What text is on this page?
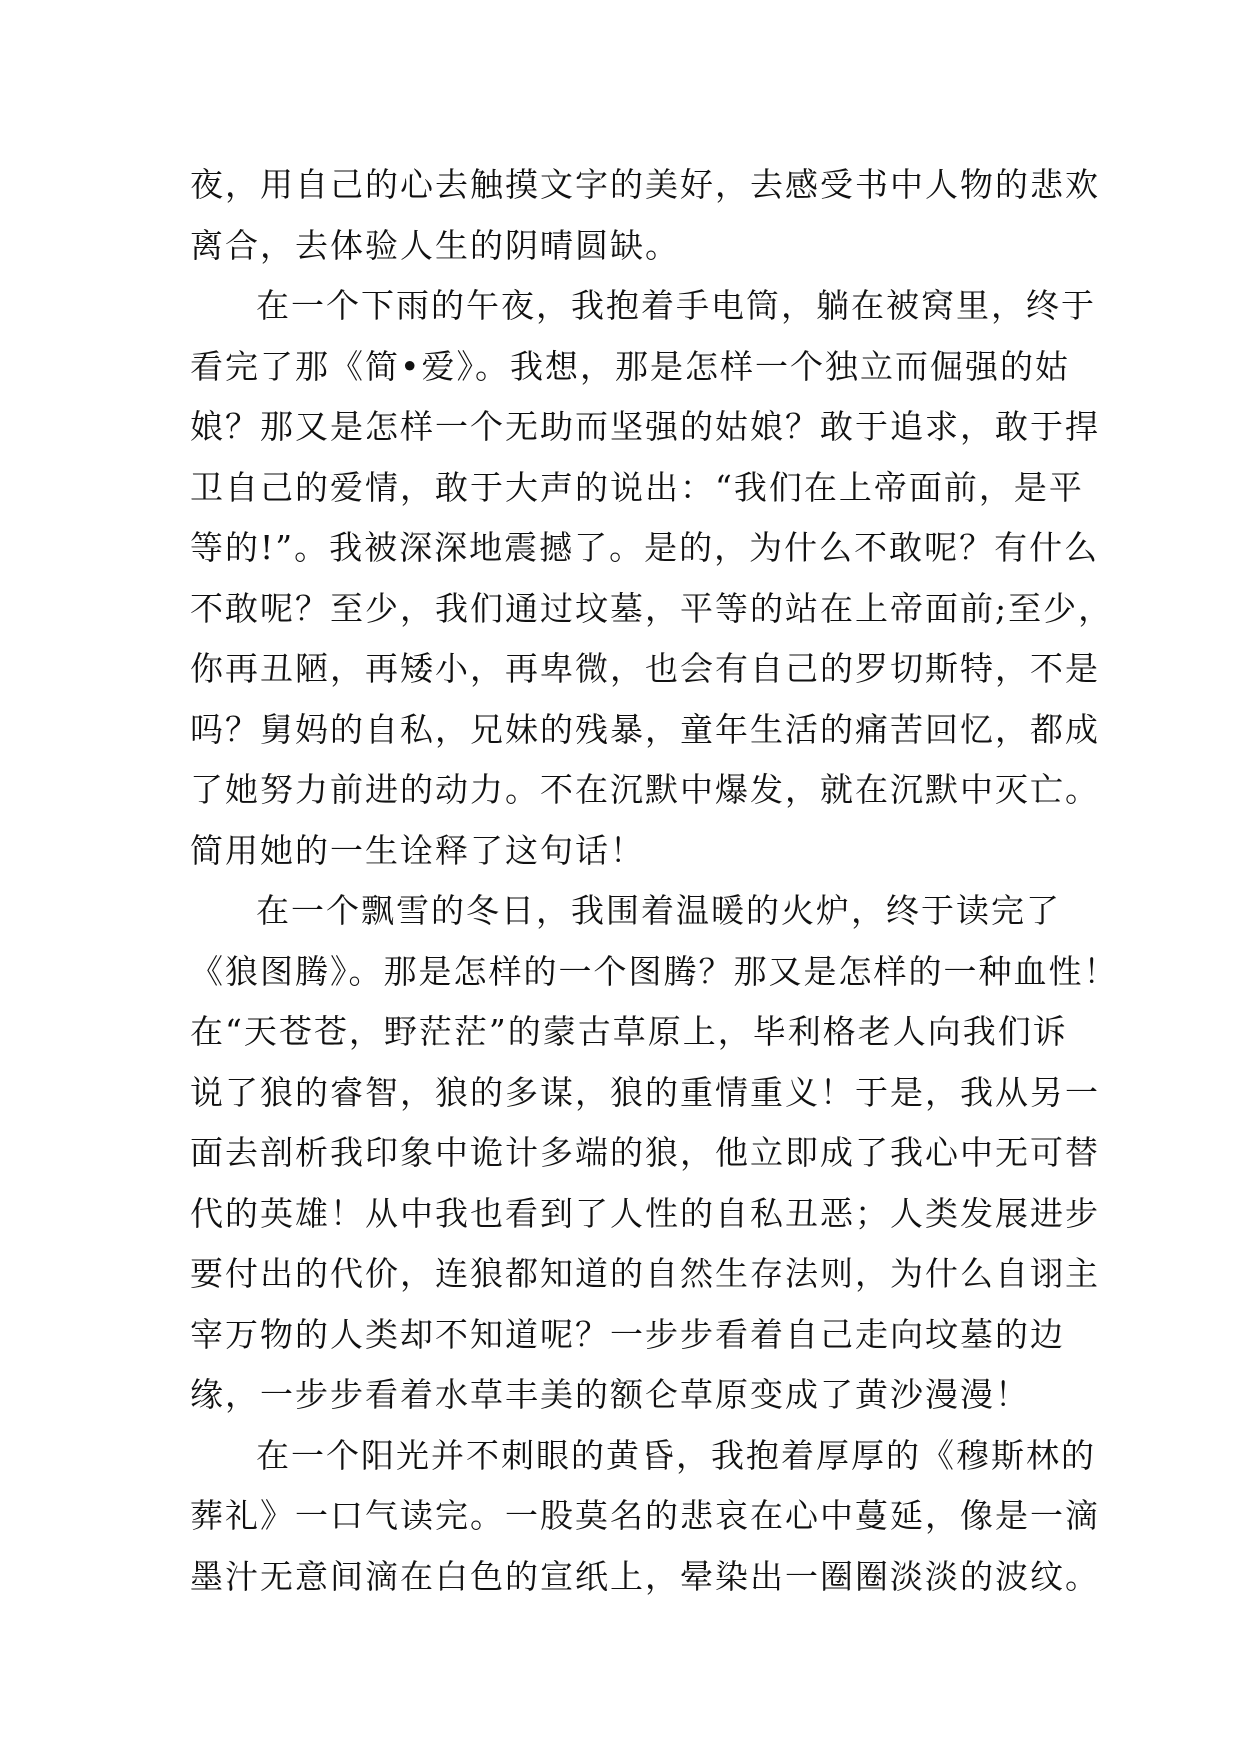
夜，用自己的心去触摸文字的美好，去感受书中人物的悲欢
离合，去体验人生的阴晴圆缺。
在一个下雨的午夜，我抱着手电筒，躺在被窝里，终于
看完了那《简•爱》。我想，那是怎样一个独立而倔强的姑
娘？那又是怎样一个无助而坚强的姑娘？敢于追求，敢于捍
卫自己的爱情，敢于大声的说出：“我们在上帝面前，是平
等的!”。我被深深地震撼了。是的，为什么不敢呢？有什么
不敢呢？至少，我们通过坟墓，平等的站在上帝面前;至少，
你再丑陋，再矮小，再卑微，也会有自己的罗切斯特，不是
吗？舅妈的自私，兄妹的残暴，童年生活的痛苦回忆，都成
了她努力前进的动力。不在沉默中爆发，就在沉默中灭亡。
简用她的一生诠释了这句话！
在一个飘雪的冬日，我围着温暖的火炉，终于读完了
《狼图腾》。那是怎样的一个图腾？那又是怎样的一种血性！
在“天苍苍，野茫茫”的蒙古草原上，毕利格老人向我们诉
说了狼的睿智，狼的多谋，狼的重情重义！于是，我从另一
面去剖析我印象中诡计多端的狼，他立即成了我心中无可替
代的英雄！从中我也看到了人性的自私丑恶；人类发展进步
要付出的代价，连狼都知道的自然生存法则，为什么自诩主
宰万物的人类却不知道呢？一步步看着自己走向坟墓的边
缘，一步步看着水草丰美的额仑草原变成了黄沙漫漫！
在一个阳光并不刺眼的黄昏，我抱着厚厚的《穆斯林的
葬礼》一口气读完。一股莫名的悲哀在心中蔓延，像是一滴
墨汁无意间滴在白色的宣纸上，晕染出一圈圈淡淡的波纹。
